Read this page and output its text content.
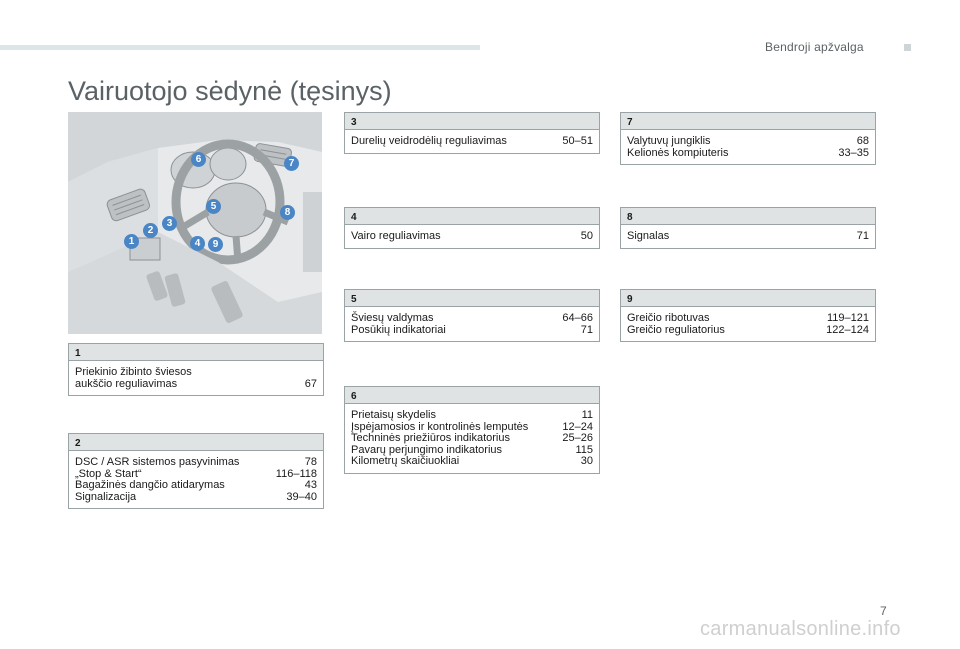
Bendroji apžvalga
Vairuotojo sėdynė (tęsinys)
1
2
3
4
5
6	7
8
9
1
Priekinio žibinto šviesos
aukščio reguliavimas	67
2
DSC / ASR sistemos pasyvinimas	78
„Stop & Start“	116–118
Bagažinės dangčio atidarymas	43
Signalizacija	39–40
3
Durelių veidrodėlių reguliavimas	50–51
4
Vairo reguliavimas	50
5
Šviesų valdymas	64–66
Posūkių indikatoriai	71
6
Prietaisų skydelis	11
Įspėjamosios ir kontrolinės lemputės	12–24
Techninės priežiūros indikatorius	25–26
Pavarų perjungimo indikatorius	115
Kilometrų skaičiuokliai	30
7
Valytuvų jungiklis	68
Kelionės kompiuteris	33–35
8
Signalas	71
9
Greičio ribotuvas	119–121
Greičio reguliatorius	122–124
7
carmanualsonline.info
